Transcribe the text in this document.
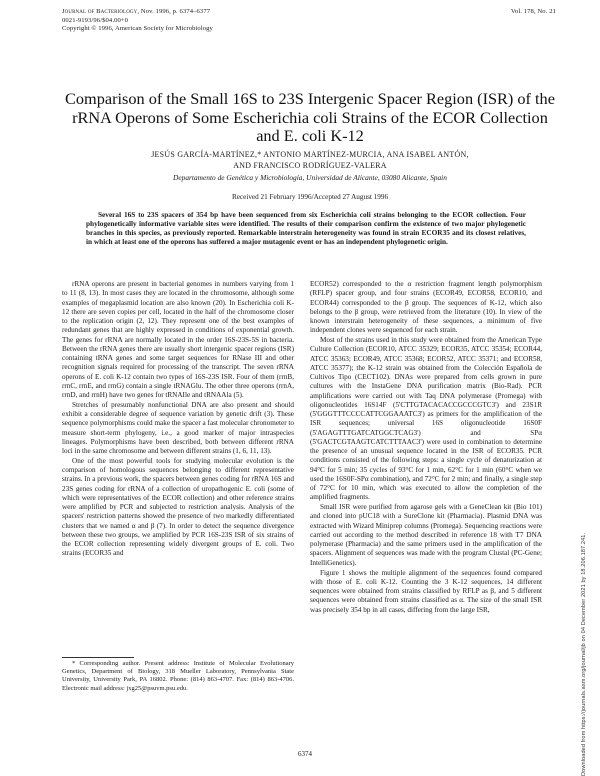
Journal of Bacteriology, Nov. 1996, p. 6374–6377
0021-9193/96/$04.00+0
Copyright © 1996, American Society for Microbiology
Vol. 178, No. 21
Comparison of the Small 16S to 23S Intergenic Spacer Region (ISR) of the rRNA Operons of Some Escherichia coli Strains of the ECOR Collection and E. coli K-12
JESÚS GARCÍA-MARTÍNEZ,* ANTONIO MARTÍNEZ-MURCIA, ANA ISABEL ANTÓN,
AND FRANCISCO RODRÍGUEZ-VALERA
Departamento de Genética y Microbiología, Universidad de Alicante, 03080 Alicante, Spain
Received 21 February 1996/Accepted 27 August 1996

Several 16S to 23S spacers of 354 bp have been sequenced from six Escherichia coli strains belonging to the ECOR collection. Four phylogenetically informative variable sites were identified. The results of their comparison confirm the existence of two major phylogenetic branches in this species, as previously reported. Remarkable interstrain heterogeneity was found in strain ECOR35 and its closest relatives, in which at least one of the operons has suffered a major mutagenic event or has an independent phylogenetic origin.

rRNA operons are present in bacterial genomes in numbers varying from 1 to 11 (8, 13). In most cases they are located in the chromosome, although some examples of megaplasmid location are also known (20). In Escherichia coli K-12 there are seven copies per cell, located in the half of the chromosome closer to the replication origin (2, 12). They represent one of the best examples of redundant genes that are highly expressed in conditions of exponential growth. The genes for rRNA are normally located in the order 16S-23S-5S in bacteria. Between the rRNA genes there are usually short intergenic spacer regions (ISR) containing tRNA genes and some target sequences for RNase III and other recognition signals required for processing of the transcript. The seven rRNA operons of E. coli K-12 contain two types of 16S-23S ISR. Four of them (rrnB, rrnC, rrnE, and rrnG) contain a single tRNAGlu. The other three operons (rrnA, rrnD, and rrnH) have two genes for tRNAIle and tRNAAla (5).

Stretches of presumably nonfunctional DNA are also present and should exhibit a considerable degree of sequence variation by genetic drift (3). These sequence polymorphisms could make the spacer a fast molecular chronometer to measure short-term phylogeny, i.e., a good marker of major intraspecies lineages. Polymorphisms have been described, both between different rRNA loci in the same chromosome and between different strains (1, 6, 11, 13).

One of the most powerful tools for studying molecular evolution is the comparison of homologous sequences belonging to different representative strains. In a previous work, the spacers between genes coding for rRNA 16S and 23S genes coding for rRNA of a collection of uropathogenic E. coli (some of which were representatives of the ECOR collection) and other reference strains were amplified by PCR and subjected to restriction analysis. Analysis of the spacers' restriction patterns showed the presence of two markedly differentiated clusters that we named α and β (7). In order to detect the sequence divergence between these two groups, we amplified by PCR 16S-23S ISR of six strains of the ECOR collection representing widely divergent groups of E. coli. Two strains (ECOR35 and

ECOR52) corresponded to the α restriction fragment length polymorphism (RFLP) spacer group, and four strains (ECOR49, ECOR58, ECOR10, and ECOR44) corresponded to the β group. The sequences of K-12, which also belongs to the β group, were retrieved from the literature (10). In view of the known interstrain heterogeneity of these sequences, a minimum of five independent clones were sequenced for each strain.

Most of the strains used in this study were obtained from the American Type Culture Collection (ECOR10, ATCC 35329; ECOR35, ATCC 35354; ECOR44, ATCC 35363; ECOR49, ATCC 35368; ECOR52, ATCC 35371; and ECOR58, ATCC 35377); the K-12 strain was obtained from the Colección Española de Cultivos Tipo (CECT102). DNAs were prepared from cells grown in pure cultures with the InstaGene DNA purification matrix (Bio-Rad). PCR amplifications were carried out with Taq DNA polymerase (Promega) with oligonucleotides 16S14F (5'CTTGTACACACCGCCCGTC3') and 23S1R (5'GGGTTTCCCCATTCGGAAATC3') as primers for the amplification of the ISR sequences; universal 16S oligonucleotide 16S0F (5'AGAGTTTGATCATGGCTCAG3') and SPα (5'GACTCGTAAGTCATCTTTAAC3') were used in combination to determine the presence of an unusual sequence located in the ISR of ECOR35. PCR conditions consisted of the following steps: a single cycle of denaturization at 94°C for 5 min; 35 cycles of 93°C for 1 min, 62°C for 1 min (60°C when we used the 16S0F-SPα combination), and 72°C for 2 min; and finally, a single step of 72°C for 10 min, which was executed to allow the completion of the amplified fragments.

Small ISR were purified from agarose gels with a GeneClean kit (Bio 101) and cloned into pUC18 with a SureClone kit (Pharmacia). Plasmid DNA was extracted with Wizard Miniprep columns (Promega). Sequencing reactions were carried out according to the method described in reference 18 with T7 DNA polymerase (Pharmacia) and the same primers used in the amplification of the spacers. Alignment of sequences was made with the program Clustal (PC-Gene; IntelliGenetics).

Figure 1 shows the multiple alignment of the sequences found compared with those of E. coli K-12. Counting the 3 K-12 sequences, 14 different sequences were obtained from strains classified by RFLP as β, and 5 different sequences were obtained from strains classified as α. The size of the small ISR was precisely 354 bp in all cases, differing from the large ISR,

* Corresponding author. Present address: Institute of Molecular Evolutionary Genetics, Department of Biology, 318 Mueller Laboratory, Pennsylvania State University, University Park, PA 16802. Phone: (814) 863-4707. Fax: (814) 863-4706. Electronic mail address: jxg25@psuvm.psu.edu.

6374	Downloaded from https://journals.asm.org/journal/jb on 04 December 2021 by 18.206.187.241.
